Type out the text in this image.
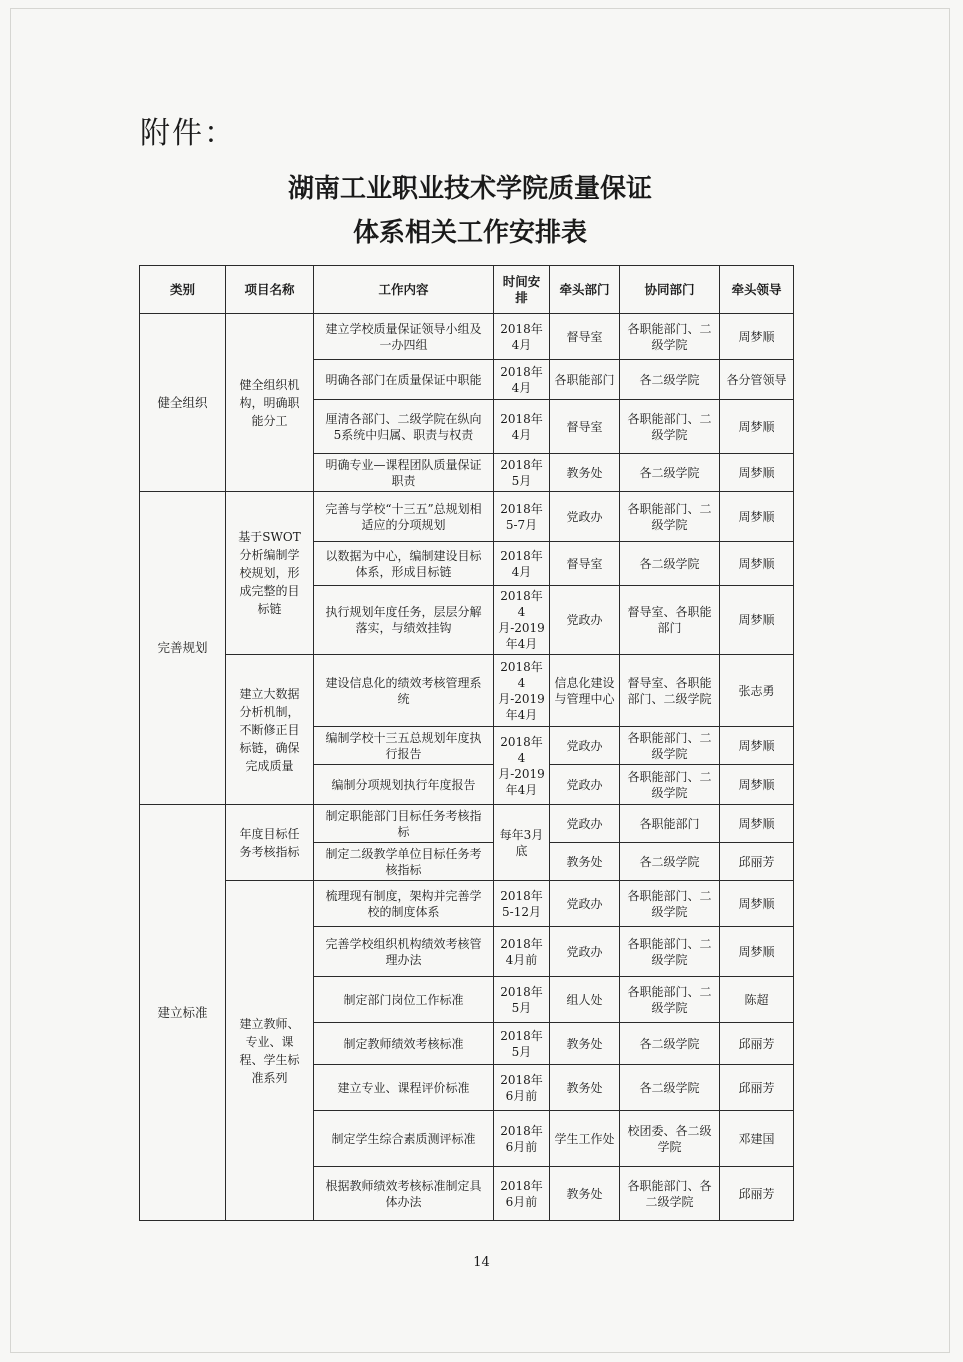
附件：
湖南工业职业技术学院质量保证
体系相关工作安排表
类别	项目名称	工作内容	时间安排	牵头部门	协同部门	牵头领导
健全组织	健全组织机构，明确职能分工	建立学校质量保证领导小组及一办四组	2018年4月	督导室	各职能部门、二级学院	周梦顺
		明确各部门在质量保证中职能	2018年4月	各职能部门	各二级学院	各分管领导
		厘清各部门、二级学院在纵向5系统中归属、职责与权责	2018年4月	督导室	各职能部门、二级学院	周梦顺
		明确专业—课程团队质量保证职责	2018年5月	教务处	各二级学院	周梦顺
完善规划	基于SWOT分析编制学校规划，形成完整的目标链	完善与学校“十三五”总规划相适应的分项规划	2018年5-7月	党政办	各职能部门、二级学院	周梦顺
		以数据为中心，编制建设目标体系，形成目标链	2018年4月	督导室	各二级学院	周梦顺
		执行规划年度任务，层层分解落实，与绩效挂钩	2018年4月-2019年4月	党政办	督导室、各职能部门	周梦顺
	建立大数据分析机制，不断修正目标链，确保完成质量	建设信息化的绩效考核管理系统	2018年4月-2019年4月	信息化建设与管理中心	督导室、各职能部门、二级学院	张志勇
		编制学校十三五总规划年度执行报告	2018年4月-2019年4月	党政办	各职能部门、二级学院	周梦顺
		编制分项规划执行年度报告		党政办	各职能部门、二级学院	周梦顺
建立标准	年度目标任务考核指标	制定职能部门目标任务考核指标	每年3月底	党政办	各职能部门	周梦顺
		制定二级教学单位目标任务考核指标		教务处	各二级学院	邱丽芳
	建立教师、专业、课程、学生标准系列	梳理现有制度，架构并完善学校的制度体系	2018年5-12月	党政办	各职能部门、二级学院	周梦顺
		完善学校组织机构绩效考核管理办法	2018年4月前	党政办	各职能部门、二级学院	周梦顺
		制定部门岗位工作标准	2018年5月	组人处	各职能部门、二级学院	陈超
		制定教师绩效考核标准	2018年5月	教务处	各二级学院	邱丽芳
		建立专业、课程评价标准	2018年6月前	教务处	各二级学院	邱丽芳
		制定学生综合素质测评标准	2018年6月前	学生工作处	校团委、各二级学院	邓建国
		根据教师绩效考核标准制定具体办法	2018年6月前	教务处	各职能部门、各二级学院	邱丽芳
14
